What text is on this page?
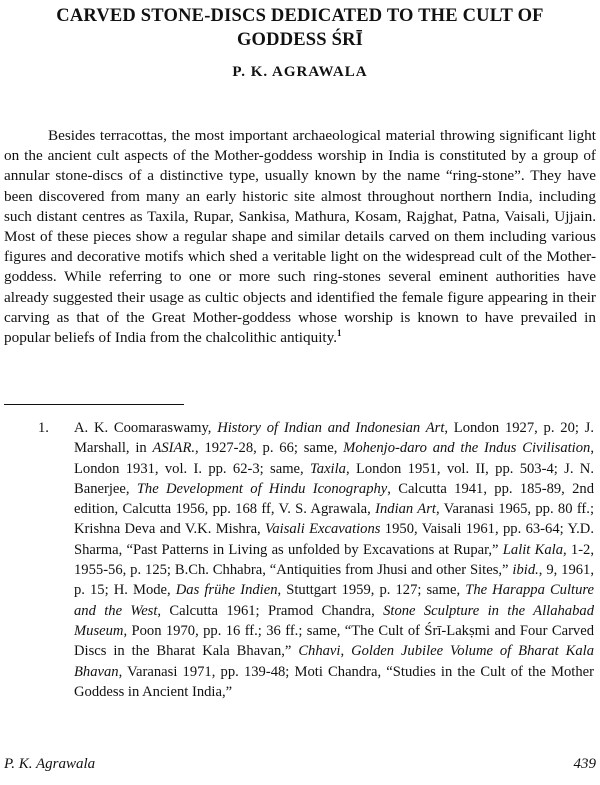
CARVED STONE-DISCS DEDICATED TO THE CULT OF
GODDESS ŚRĪ
P. K. AGRAWALA
Besides terracottas, the most important archaeological material throwing significant light on the ancient cult aspects of the Mother-goddess worship in India is constituted by a group of annular stone-discs of a distinctive type, usually known by the name “ring-stone”. They have been discovered from many an early historic site almost throughout northern India, including such distant centres as Taxila, Rupar, Sankisa, Mathura, Kosam, Rajghat, Patna, Vaisali, Ujjain. Most of these pieces show a regular shape and similar details carved on them including various figures and decorative motifs which shed a veritable light on the widespread cult of the Mother-goddess. While referring to one or more such ring-stones several eminent authorities have already suggested their usage as cultic objects and identified the female figure appearing in their carving as that of the Great Mother-goddess whose worship is known to have prevailed in popular beliefs of India from the chalcolithic antiquity.$^1$
1.	A. K. Coomaraswamy, History of Indian and Indonesian Art, London 1927, p. 20; J. Marshall, in ASIAR., 1927-28, p. 66; same, Mohenjo-daro and the Indus Civilisation, London 1931, vol. I. pp. 62-3; same, Taxila, London 1951, vol. II, pp. 503-4; J. N. Banerjee, The Development of Hindu Iconography, Calcutta 1941, pp. 185-89, 2nd edition, Calcutta 1956, pp. 168 ff, V. S. Agrawala, Indian Art, Varanasi 1965, pp. 80 ff.; Krishna Deva and V.K. Mishra, Vaisali Excavations 1950, Vaisali 1961, pp. 63-64; Y.D. Sharma, “Past Patterns in Living as unfolded by Excavations at Rupar,” Lalit Kala, 1-2, 1955-56, p. 125; B.Ch. Chhabra, “Antiquities from Jhusi and other Sites,” ibid., 9, 1961, p. 15; H. Mode, Das frühe Indien, Stuttgart 1959, p. 127; same, The Harappa Culture and the West, Calcutta 1961; Pramod Chandra, Stone Sculpture in the Allahabad Museum, Poon 1970, pp. 16 ff.; 36 ff.; same, “The Cult of Śrī-Lakṣmi and Four Carved Discs in the Bharat Kala Bhavan,” Chhavi, Golden Jubilee Volume of Bharat Kala Bhavan, Varanasi 1971, pp. 139-48; Moti Chandra, “Studies in the Cult of the Mother Goddess in Ancient India,”
P. K. Agrawala	439
